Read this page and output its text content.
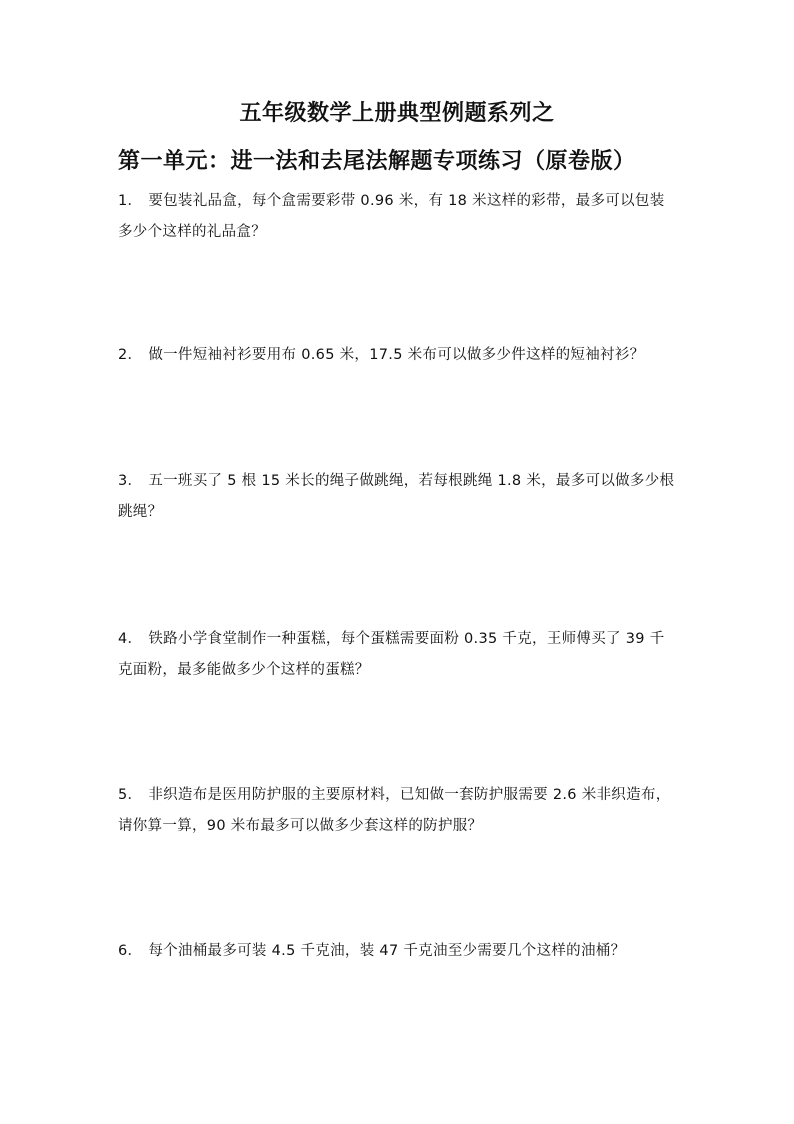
五年级数学上册典型例题系列之
第一单元：进一法和去尾法解题专项练习（原卷版）
1． 要包装礼品盒，每个盒需要彩带 0.96 米，有 18 米这样的彩带，最多可以包装多少个这样的礼品盒？
2． 做一件短袖衬衫要用布 0.65 米，17.5 米布可以做多少件这样的短袖衬衫？
3． 五一班买了 5 根 15 米长的绳子做跳绳，若每根跳绳 1.8 米，最多可以做多少根跳绳？
4． 铁路小学食堂制作一种蛋糕，每个蛋糕需要面粉 0.35 千克，王师傅买了 39 千克面粉，最多能做多少个这样的蛋糕？
5． 非织造布是医用防护服的主要原材料，已知做一套防护服需要 2.6 米非织造布，请你算一算，90 米布最多可以做多少套这样的防护服？
6． 每个油桶最多可装 4.5 千克油，装 47 千克油至少需要几个这样的油桶？
